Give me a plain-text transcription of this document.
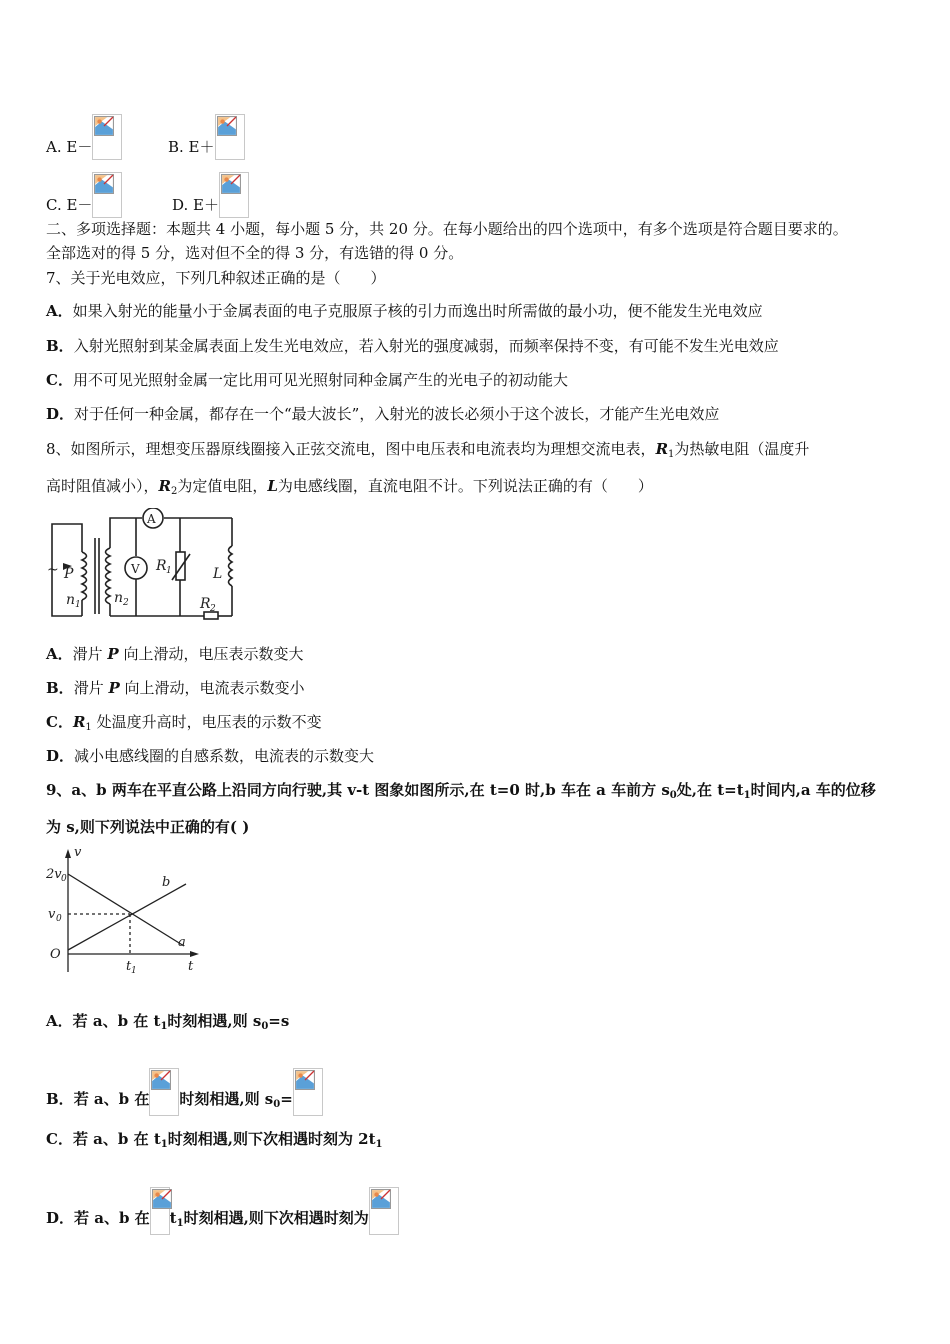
A. E－	B. E＋
C. E－	D. E＋
二、多项选择题：本题共 4 小题，每小题 5 分，共 20 分。在每小题给出的四个选项中，有多个选项是符合题目要求的。
全部选对的得 5 分，选对但不全的得 3 分，有选错的得 0 分。
7、关于光电效应，下列几种叙述正确的是（　　）
A．如果入射光的能量小于金属表面的电子克服原子核的引力而逸出时所需做的最小功，便不能发生光电效应
B．入射光照射到某金属表面上发生光电效应，若入射光的强度减弱，而频率保持不变，有可能不发生光电效应
C．用不可见光照射金属一定比用可见光照射同种金属产生的光电子的初动能大
D．对于任何一种金属，都存在一个“最大波长”，入射光的波长必须小于这个波长，才能产生光电效应
8、如图所示，理想变压器原线圈接入正弦交流电，图中电压表和电流表均为理想交流电表，$R_1$为热敏电阻（温度升
高时阻值减小），$R_2$为定值电阻，L为电感线圈，直流电阻不计。下列说法正确的有（　　）
A
V
~ P
n 1 n 2
R 1	L
R 2
A．滑片 P 向上滑动，电压表示数变大
B．滑片 P 向上滑动，电流表示数变小
C．$R_1$ 处温度升高时，电压表的示数不变
D．减小电感线圈的自感系数，电流表的示数变大
9、a、b 两车在平直公路上沿同方向行驶,其 v-t 图象如图所示,在 t=0 时,b 车在 a 车前方 $s_0$处,在 $t=t_1$时间内,a 车的位移
为 s,则下列说法中正确的有( )
v
t
2v 0
v 0
O
t 1
a
b
A．若 a、b 在 $t_1$时刻相遇,则 $s_0=s$
B．若 a、b 在 时刻相遇,则 $s_0=$
C．若 a、b 在 $t_1$时刻相遇,则下次相遇时刻为 $2t_1$
D．若 a、b 在 $t_1$时刻相遇,则下次相遇时刻为
